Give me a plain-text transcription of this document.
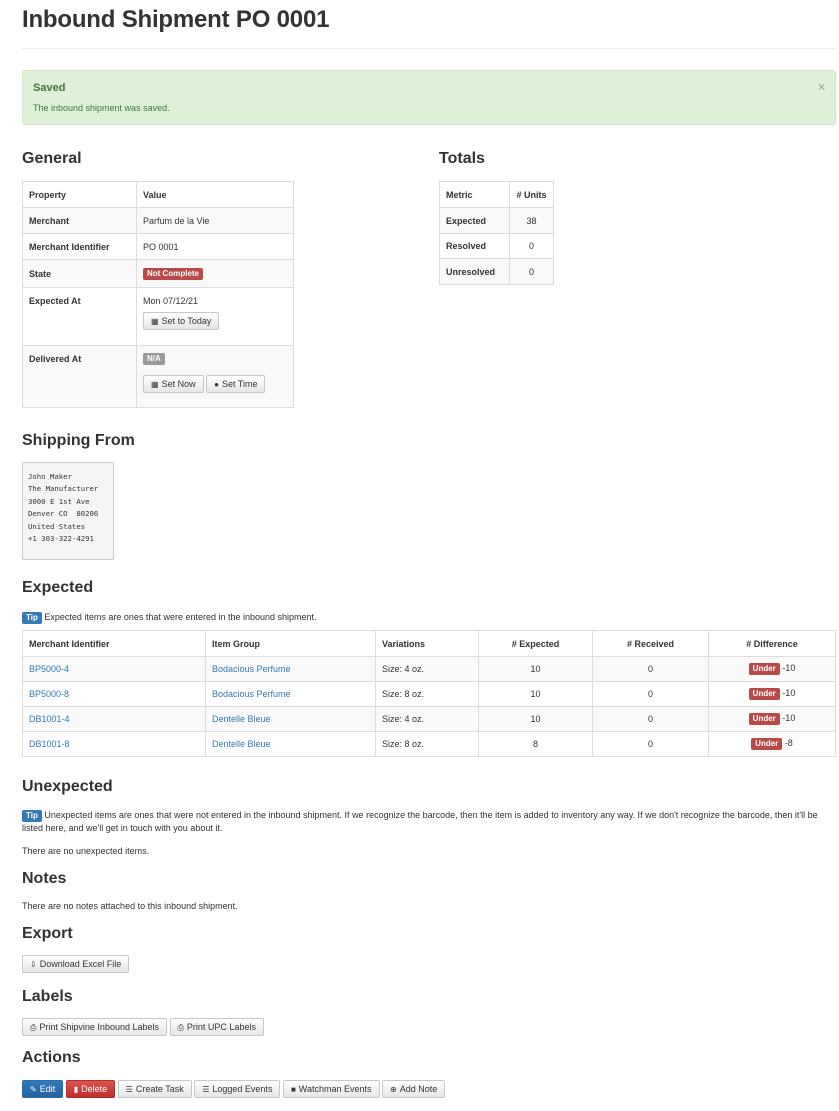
Inbound Shipment PO 0001
Saved
The inbound shipment was saved.
×
General
Property	Value
Merchant	Parfum de la Vie
Merchant Identifier	PO 0001
State	Not Complete
Expected At	Mon 07/12/21
▦ Set to Today

Delivered At	N/A
▦ Set Now ● Set Time
Totals
Metric	# Units
Expected	38
Resolved	0
Unresolved	0
Shipping From
John Maker
The Manufacturer
3000 E 1st Ave
Denver CO  80206
United States
+1 303-322-4291
Expected
Tip Expected items are ones that were entered in the inbound shipment.
Merchant Identifier	Item Group	Variations	# Expected	# Received	# Difference
BP5000-4	Bodacious Perfume	Size: 4 oz.	10	0	Under -10
BP5000-8	Bodacious Perfume	Size: 8 oz.	10	0	Under -10
DB1001-4	Dentelle Bleue	Size: 4 oz.	10	0	Under -10
DB1001-8	Dentelle Bleue	Size: 8 oz.	8	0	Under -8
Unexpected
Tip Unexpected items are ones that were not entered in the inbound shipment. If we recognize the barcode, then the item is added to inventory any way. If we don't recognize the barcode, then it'll be listed here, and we'll get in touch with you about it.
There are no unexpected items.
Notes
There are no notes attached to this inbound shipment.
Export
⇩ Download Excel File
Labels
⎙ Print Shipvine Inbound Labels ⎙ Print UPC Labels
Actions
✎ Edit ▮ Delete ☰ Create Task ☰ Logged Events ■ Watchman Events ⊕ Add Note
